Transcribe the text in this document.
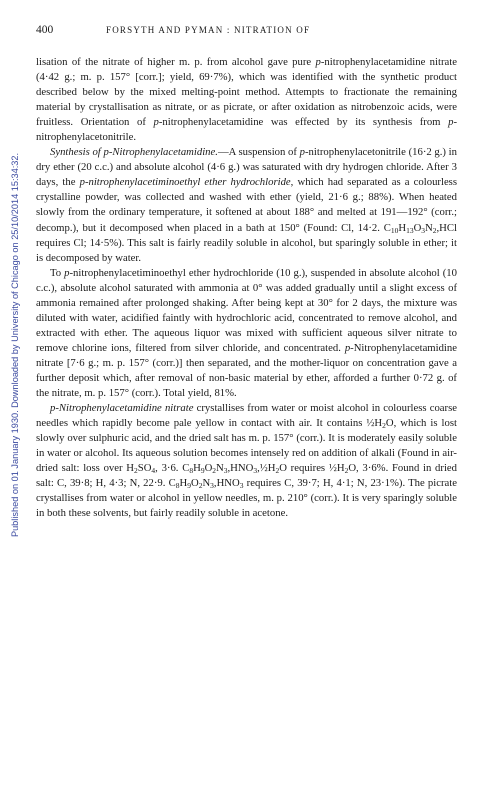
400	FORSYTH AND PYMAN : NITRATION OF
Published on 01 January 1930. Downloaded by University of Chicago on 25/10/2014 15:34:32.

lisation of the nitrate of higher m. p. from alcohol gave pure p-nitrophenylacetamidine nitrate (4·42 g.; m. p. 157° [corr.]; yield, 69·7%), which was identified with the synthetic product described below by the mixed melting-point method. Attempts to fractionate the remaining material by crystallisation as nitrate, or as picrate, or after oxidation as nitrobenzoic acids, were fruitless. Orientation of p-nitrophenylacetamidine was effected by its synthesis from p-nitrophenylacetonitrile.

Synthesis of p-Nitrophenylacetamidine.—A suspension of p-nitrophenylacetonitrile (16·2 g.) in dry ether (20 c.c.) and absolute alcohol (4·6 g.) was saturated with dry hydrogen chloride. After 3 days, the p-nitrophenylacetiminoethyl ether hydrochloride, which had separated as a colourless crystalline powder, was collected and washed with ether (yield, 21·6 g.; 88%). When heated slowly from the ordinary temperature, it softened at about 188° and melted at 191—192° (corr.; decomp.), but it decomposed when placed in a bath at 150° (Found: Cl, 14·2. $C_{10}H_{13}O_3N_2,HCl$ requires Cl; 14·5%). This salt is fairly readily soluble in alcohol, but sparingly soluble in ether; it is decomposed by water.

To p-nitrophenylacetiminoethyl ether hydrochloride (10 g.), suspended in absolute alcohol (10 c.c.), absolute alcohol saturated with ammonia at 0° was added gradually until a slight excess of ammonia remained after prolonged shaking. After being kept at 30° for 2 days, the mixture was diluted with water, acidified faintly with hydrochloric acid, concentrated to remove alcohol, and extracted with ether. The aqueous liquor was mixed with sufficient aqueous silver nitrate to remove chlorine ions, filtered from silver chloride, and concentrated. p-Nitrophenylacetamidine nitrate [7·6 g.; m. p. 157° (corr.)] then separated, and the mother-liquor on concentration gave a further deposit which, after removal of non-basic material by ether, afforded a further 0·72 g. of the nitrate, m. p. 157° (corr.). Total yield, 81%.

p-Nitrophenylacetamidine nitrate crystallises from water or moist alcohol in colourless coarse needles which rapidly become pale yellow in contact with air. It contains $\frac{1}{2}H_2O$, which is lost slowly over sulphuric acid, and the dried salt has m. p. 157° (corr.). It is moderately easily soluble in water or alcohol. Its aqueous solution becomes intensely red on addition of alkali (Found in air-dried salt: loss over $H_2SO_4$, 3·6. $C_8H_9O_2N_3,HNO_3,\frac{1}{2}H_2O$ requires $\frac{1}{2}H_2O$, 3·6%. Found in dried salt: C, 39·8; H, 4·3; N, 22·9. $C_8H_9O_2N_3,HNO_3$ requires C, 39·7; H, 4·1; N, 23·1%). The picrate crystallises from water or alcohol in yellow needles, m. p. 210° (corr.). It is very sparingly soluble in both these solvents, but fairly readily soluble in acetone.
